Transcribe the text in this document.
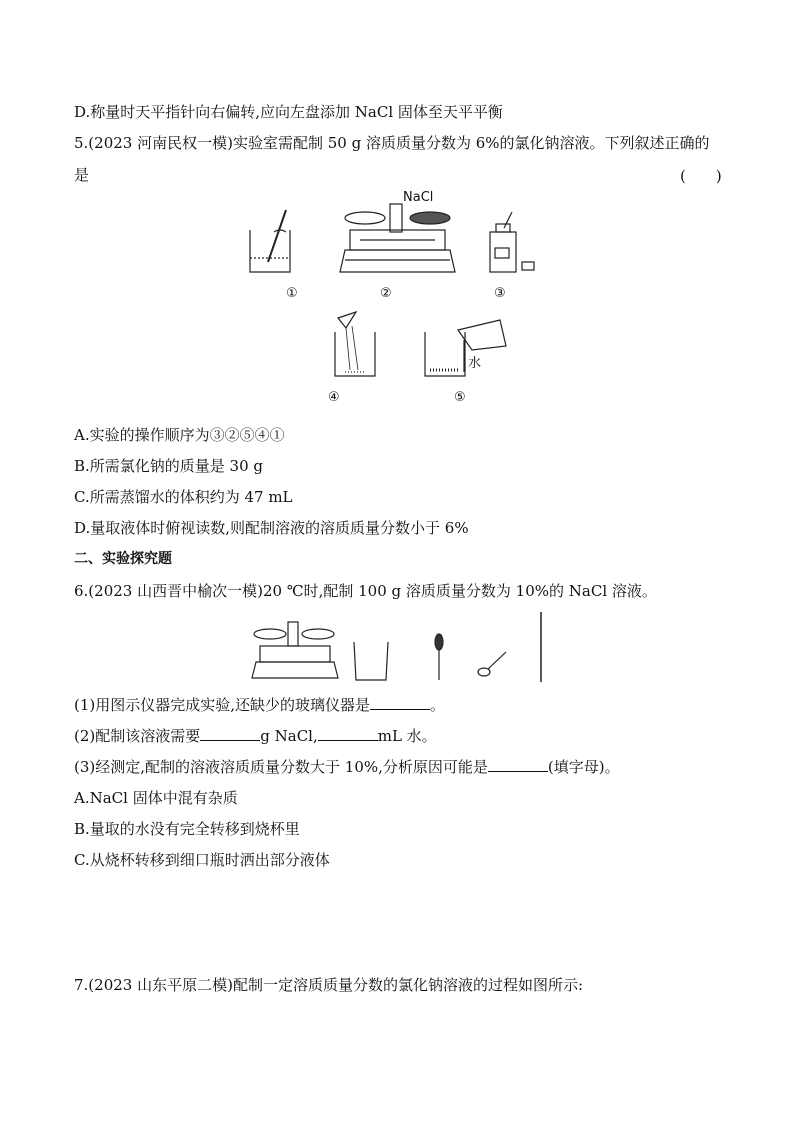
D.称量时天平指针向右偏转,应向左盘添加 NaCl 固体至天平平衡
5.(2023 河南民权一模)实验室需配制 50 g 溶质质量分数为 6%的氯化钠溶液。下列叙述正确的
是	(　　)
NaCl
水
①	②	③
④	⑤
A.实验的操作顺序为③②⑤④①
B.所需氯化钠的质量是 30 g
C.所需蒸馏水的体积约为 47 mL
D.量取液体时俯视读数,则配制溶液的溶质质量分数小于 6%
二、实验探究题
6.(2023 山西晋中榆次一模)20 ℃时,配制 100 g 溶质质量分数为 10%的 NaCl 溶液。
(1)用图示仪器完成实验,还缺少的玻璃仪器是	。
(2)配制该溶液需要	g NaCl,	mL 水。
(3)经测定,配制的溶液溶质质量分数大于 10%,分析原因可能是	(填字母)。
A.NaCl 固体中混有杂质
B.量取的水没有完全转移到烧杯里
C.从烧杯转移到细口瓶时洒出部分液体
7.(2023 山东平原二模)配制一定溶质质量分数的氯化钠溶液的过程如图所示:
